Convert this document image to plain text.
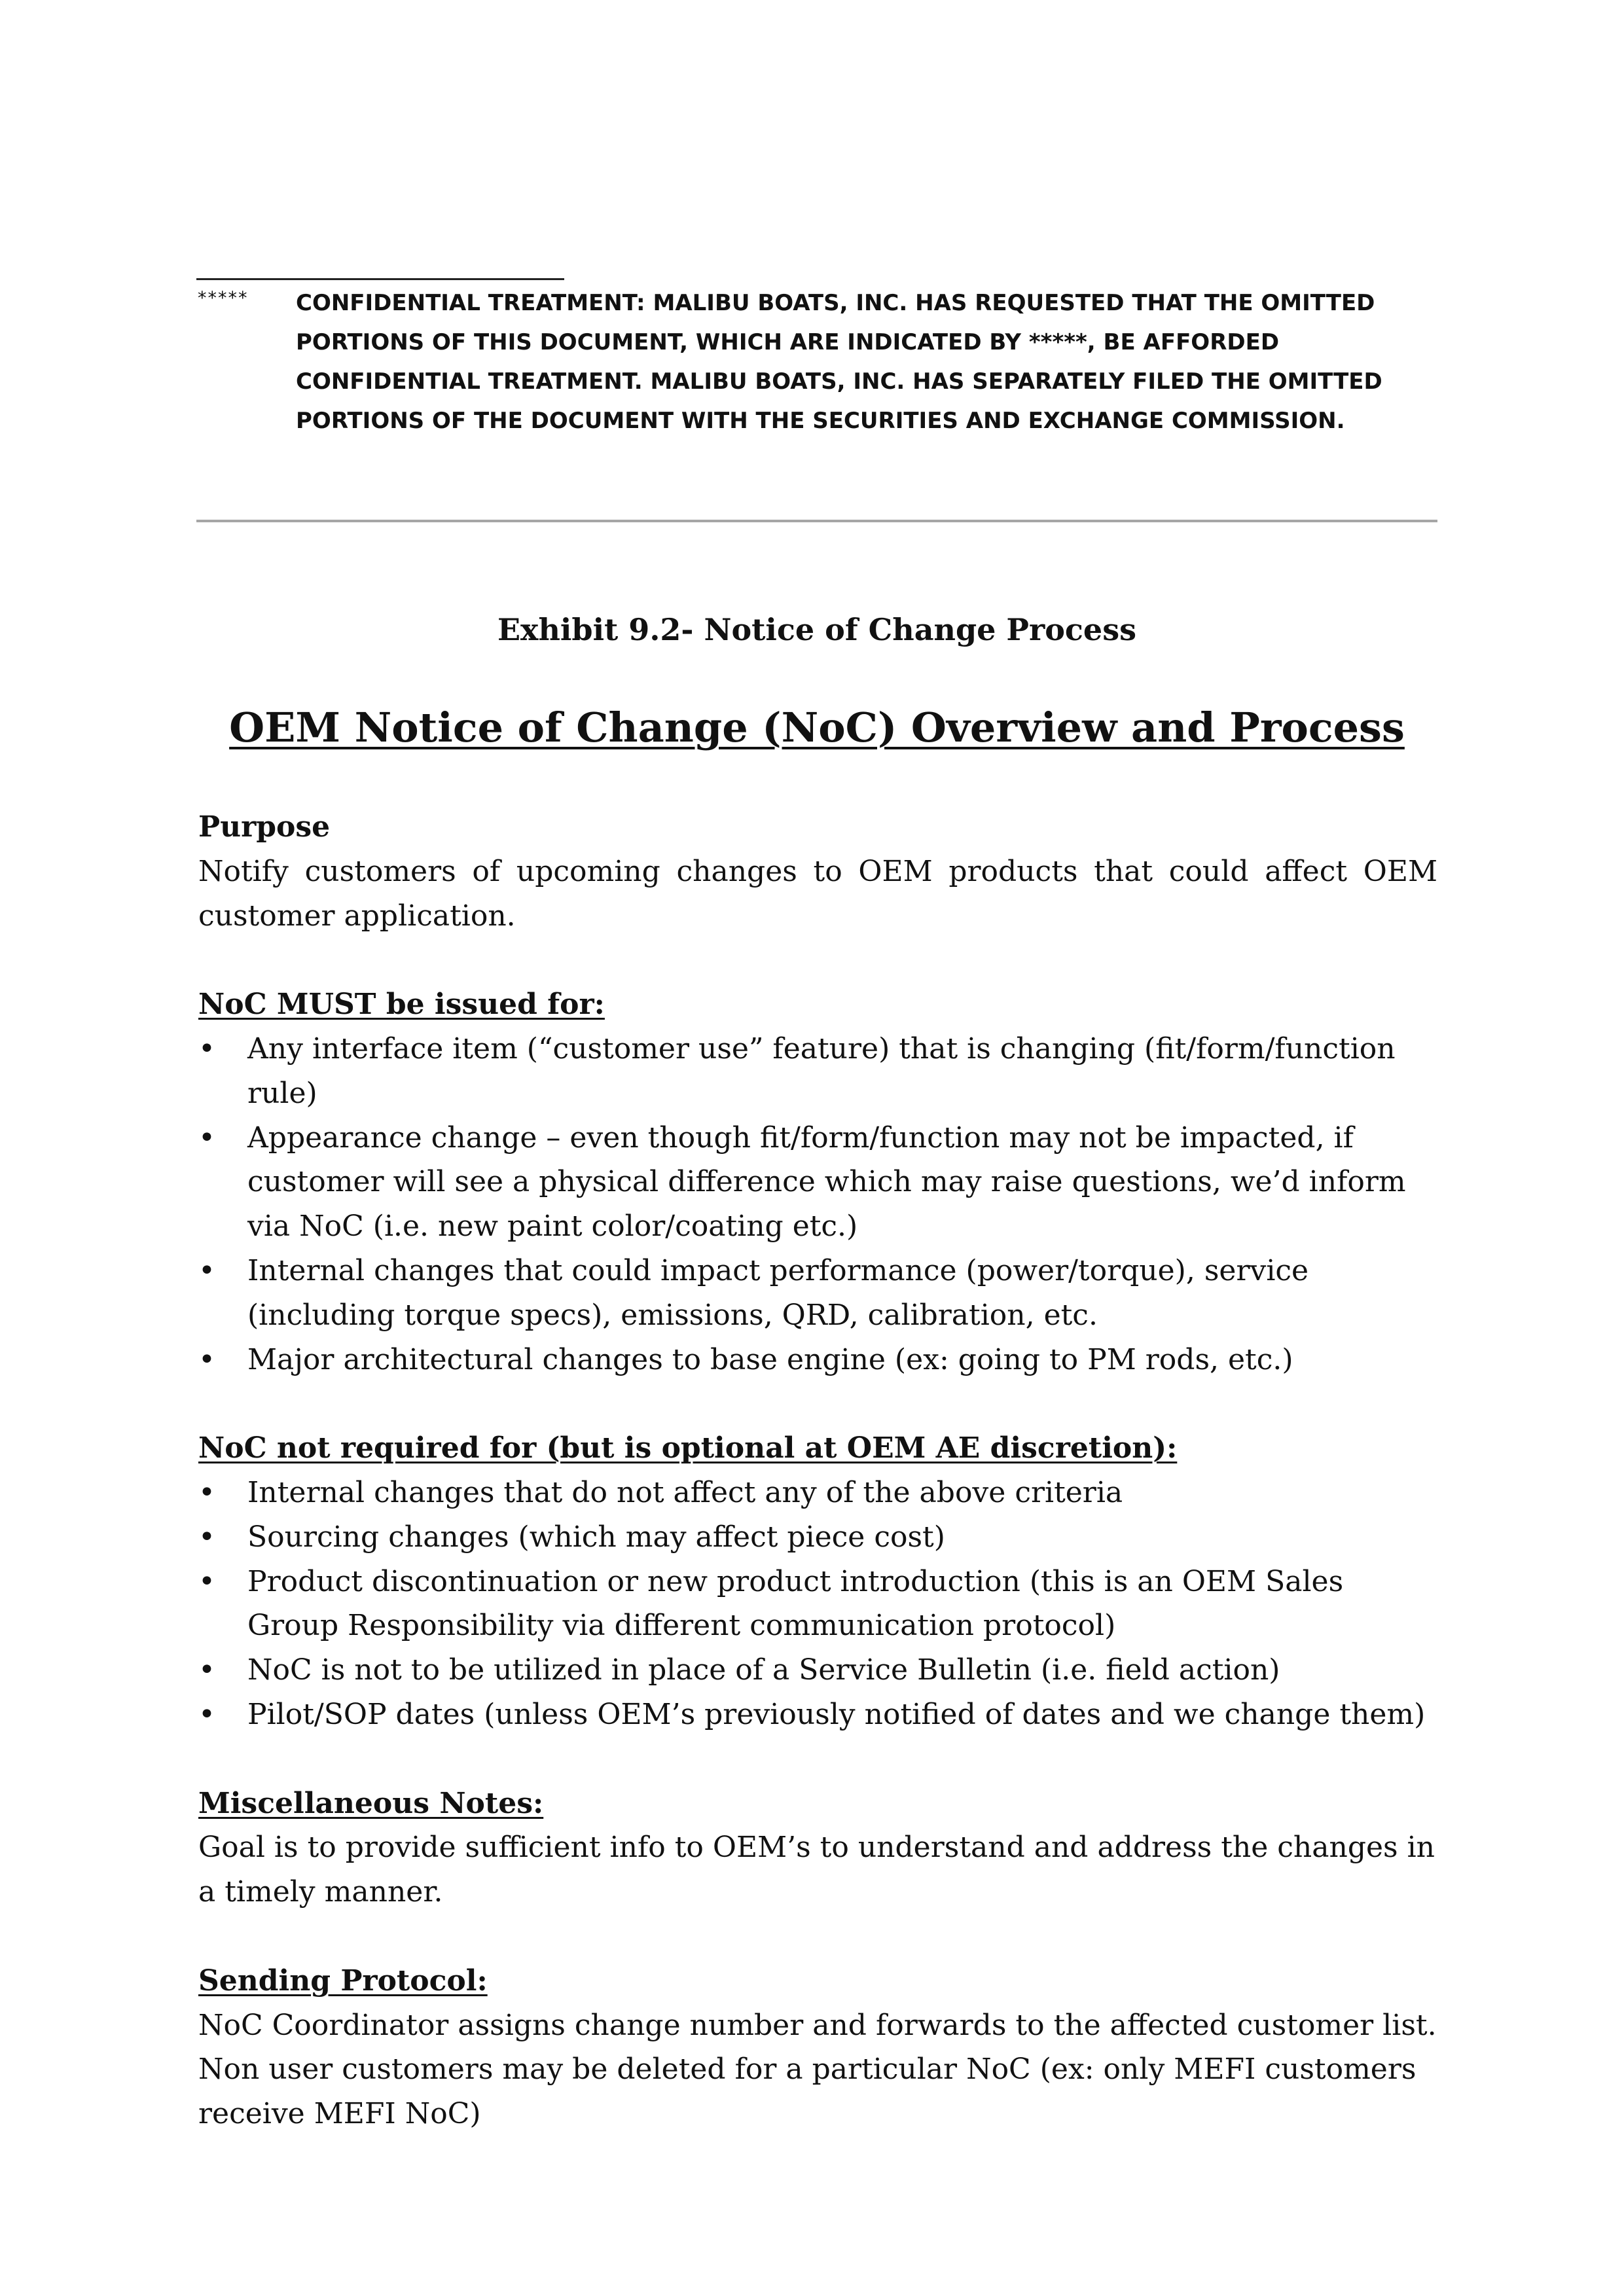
***** CONFIDENTIAL TREATMENT: MALIBU BOATS, INC. HAS REQUESTED THAT THE OMITTED PORTIONS OF THIS DOCUMENT, WHICH ARE INDICATED BY *****, BE AFFORDED CONFIDENTIAL TREATMENT. MALIBU BOATS, INC. HAS SEPARATELY FILED THE OMITTED PORTIONS OF THE DOCUMENT WITH THE SECURITIES AND EXCHANGE COMMISSION.
Exhibit 9.2- Notice of Change Process
OEM Notice of Change (NoC) Overview and Process

Purpose

Notify customers of upcoming changes to OEM products that could affect OEM customer application.

NoC MUST be issued for:

•	Any interface item (“customer use” feature) that is changing (fit/form/function rule)
•	Appearance change – even though fit/form/function may not be impacted, if customer will see a physical difference which may raise questions, we’d inform via NoC (i.e. new paint color/coating etc.)
•	Internal changes that could impact performance (power/torque), service (including torque specs), emissions, QRD, calibration, etc.
•	Major architectural changes to base engine (ex: going to PM rods, etc.)

NoC not required for (but is optional at OEM AE discretion):

•	Internal changes that do not affect any of the above criteria
•	Sourcing changes (which may affect piece cost)
•	Product discontinuation or new product introduction (this is an OEM Sales Group Responsibility via different communication protocol)
•	NoC is not to be utilized in place of a Service Bulletin (i.e. field action)
•	Pilot/SOP dates (unless OEM’s previously notified of dates and we change them)

Miscellaneous Notes:

Goal is to provide sufficient info to OEM’s to understand and address the changes in a timely manner.

Sending Protocol:

NoC Coordinator assigns change number and forwards to the affected customer list. Non user customers may be deleted for a particular NoC (ex: only MEFI customers receive MEFI NoC)
